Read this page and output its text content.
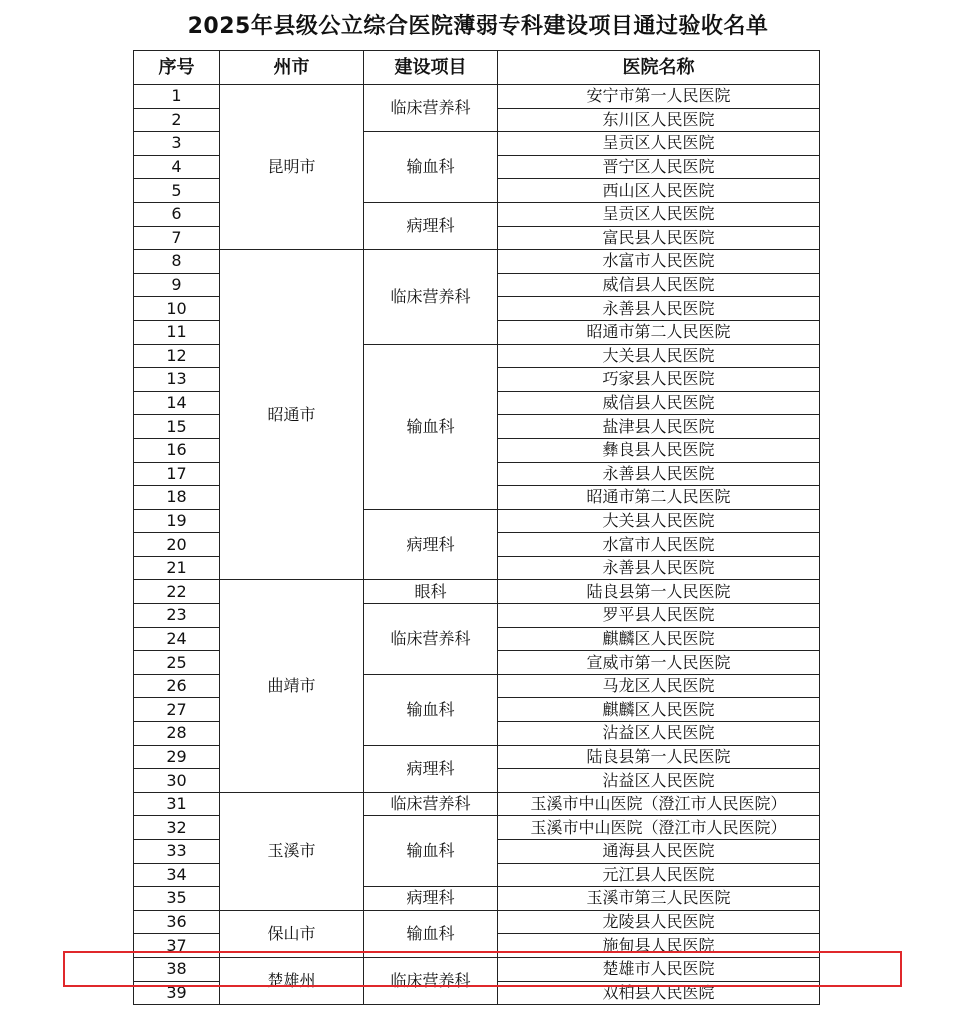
2025年县级公立综合医院薄弱专科建设项目通过验收名单
序号	州市	建设项目	医院名称
1	昆明市	临床营养科	安宁市第一人民医院
2			东川区人民医院
3		输血科	呈贡区人民医院
4			晋宁区人民医院
5			西山区人民医院
6		病理科	呈贡区人民医院
7			富民县人民医院
8	昭通市	临床营养科	水富市人民医院
9			威信县人民医院
10			永善县人民医院
11			昭通市第二人民医院
12		输血科	大关县人民医院
13			巧家县人民医院
14			威信县人民医院
15			盐津县人民医院
16			彝良县人民医院
17			永善县人民医院
18			昭通市第二人民医院
19		病理科	大关县人民医院
20			水富市人民医院
21			永善县人民医院
22	曲靖市	眼科	陆良县第一人民医院
23		临床营养科	罗平县人民医院
24			麒麟区人民医院
25			宣威市第一人民医院
26		输血科	马龙区人民医院
27			麒麟区人民医院
28			沾益区人民医院
29		病理科	陆良县第一人民医院
30			沾益区人民医院
31	玉溪市	临床营养科	玉溪市中山医院（澄江市人民医院）
32		输血科	玉溪市中山医院（澄江市人民医院）
33			通海县人民医院
34			元江县人民医院
35		病理科	玉溪市第三人民医院
36	保山市	输血科	龙陵县人民医院
37			施甸县人民医院
38	楚雄州	临床营养科	楚雄市人民医院
39			双柏县人民医院
